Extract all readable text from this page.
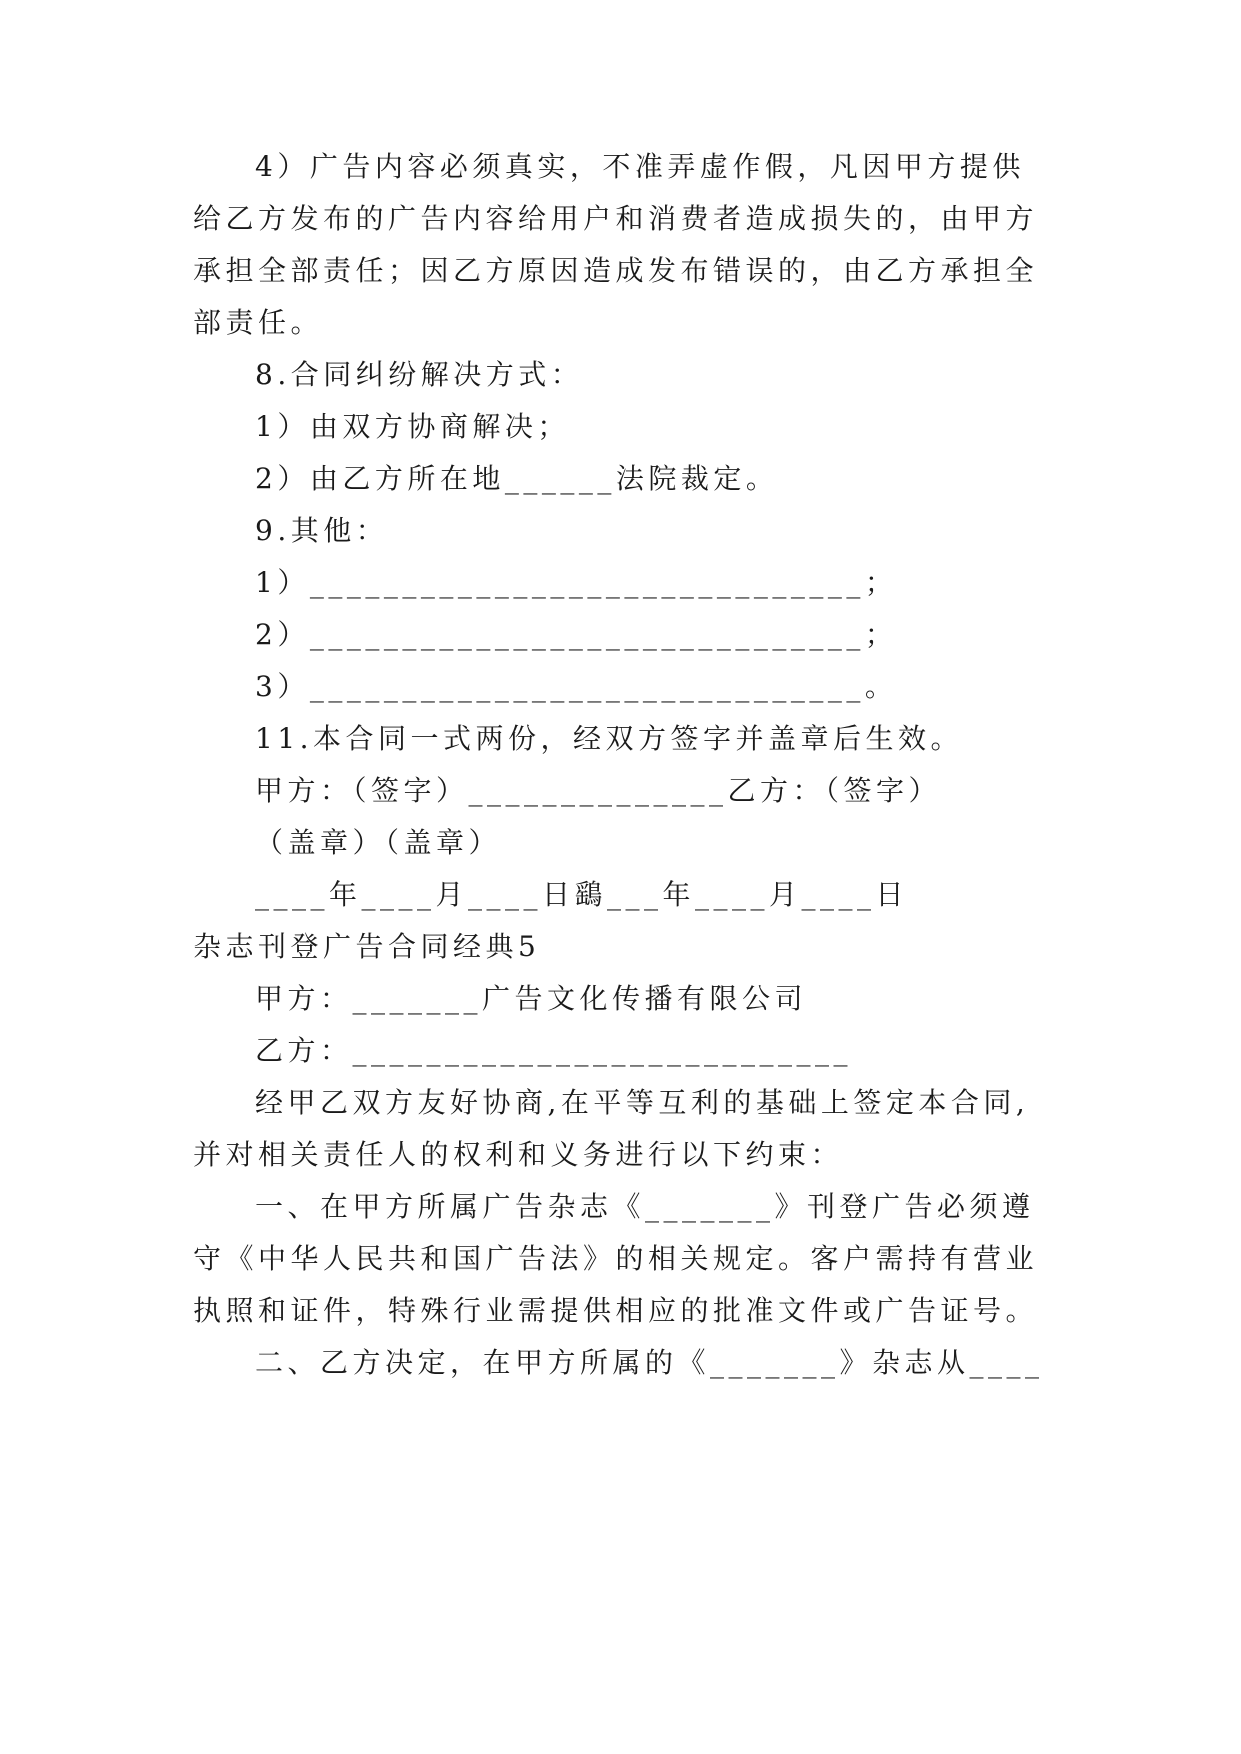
4）广告内容必须真实，不准弄虚作假，凡因甲方提供
给乙方发布的广告内容给用户和消费者造成损失的，由甲方
承担全部责任；因乙方原因造成发布错误的，由乙方承担全
部责任。
8.合同纠纷解决方式：
1）由双方协商解决；
2）由乙方所在地______法院裁定。
9.其他：
1）______________________________；
2）______________________________；
3）______________________________。
11.本合同一式两份，经双方签字并盖章后生效。
甲方：（签字）______________乙方：（签字）
（盖章）（盖章）
____年____月____日鷂___年____月____日
杂志刊登广告合同经典5
甲方：_______广告文化传播有限公司
乙方：___________________________
经甲乙双方友好协商,在平等互利的基础上签定本合同,
并对相关责任人的权利和义务进行以下约束：
一、在甲方所属广告杂志《_______》刊登广告必须遵
守《中华人民共和国广告法》的相关规定。客户需持有营业
执照和证件，特殊行业需提供相应的批准文件或广告证号。
二、乙方决定，在甲方所属的《_______》杂志从____
